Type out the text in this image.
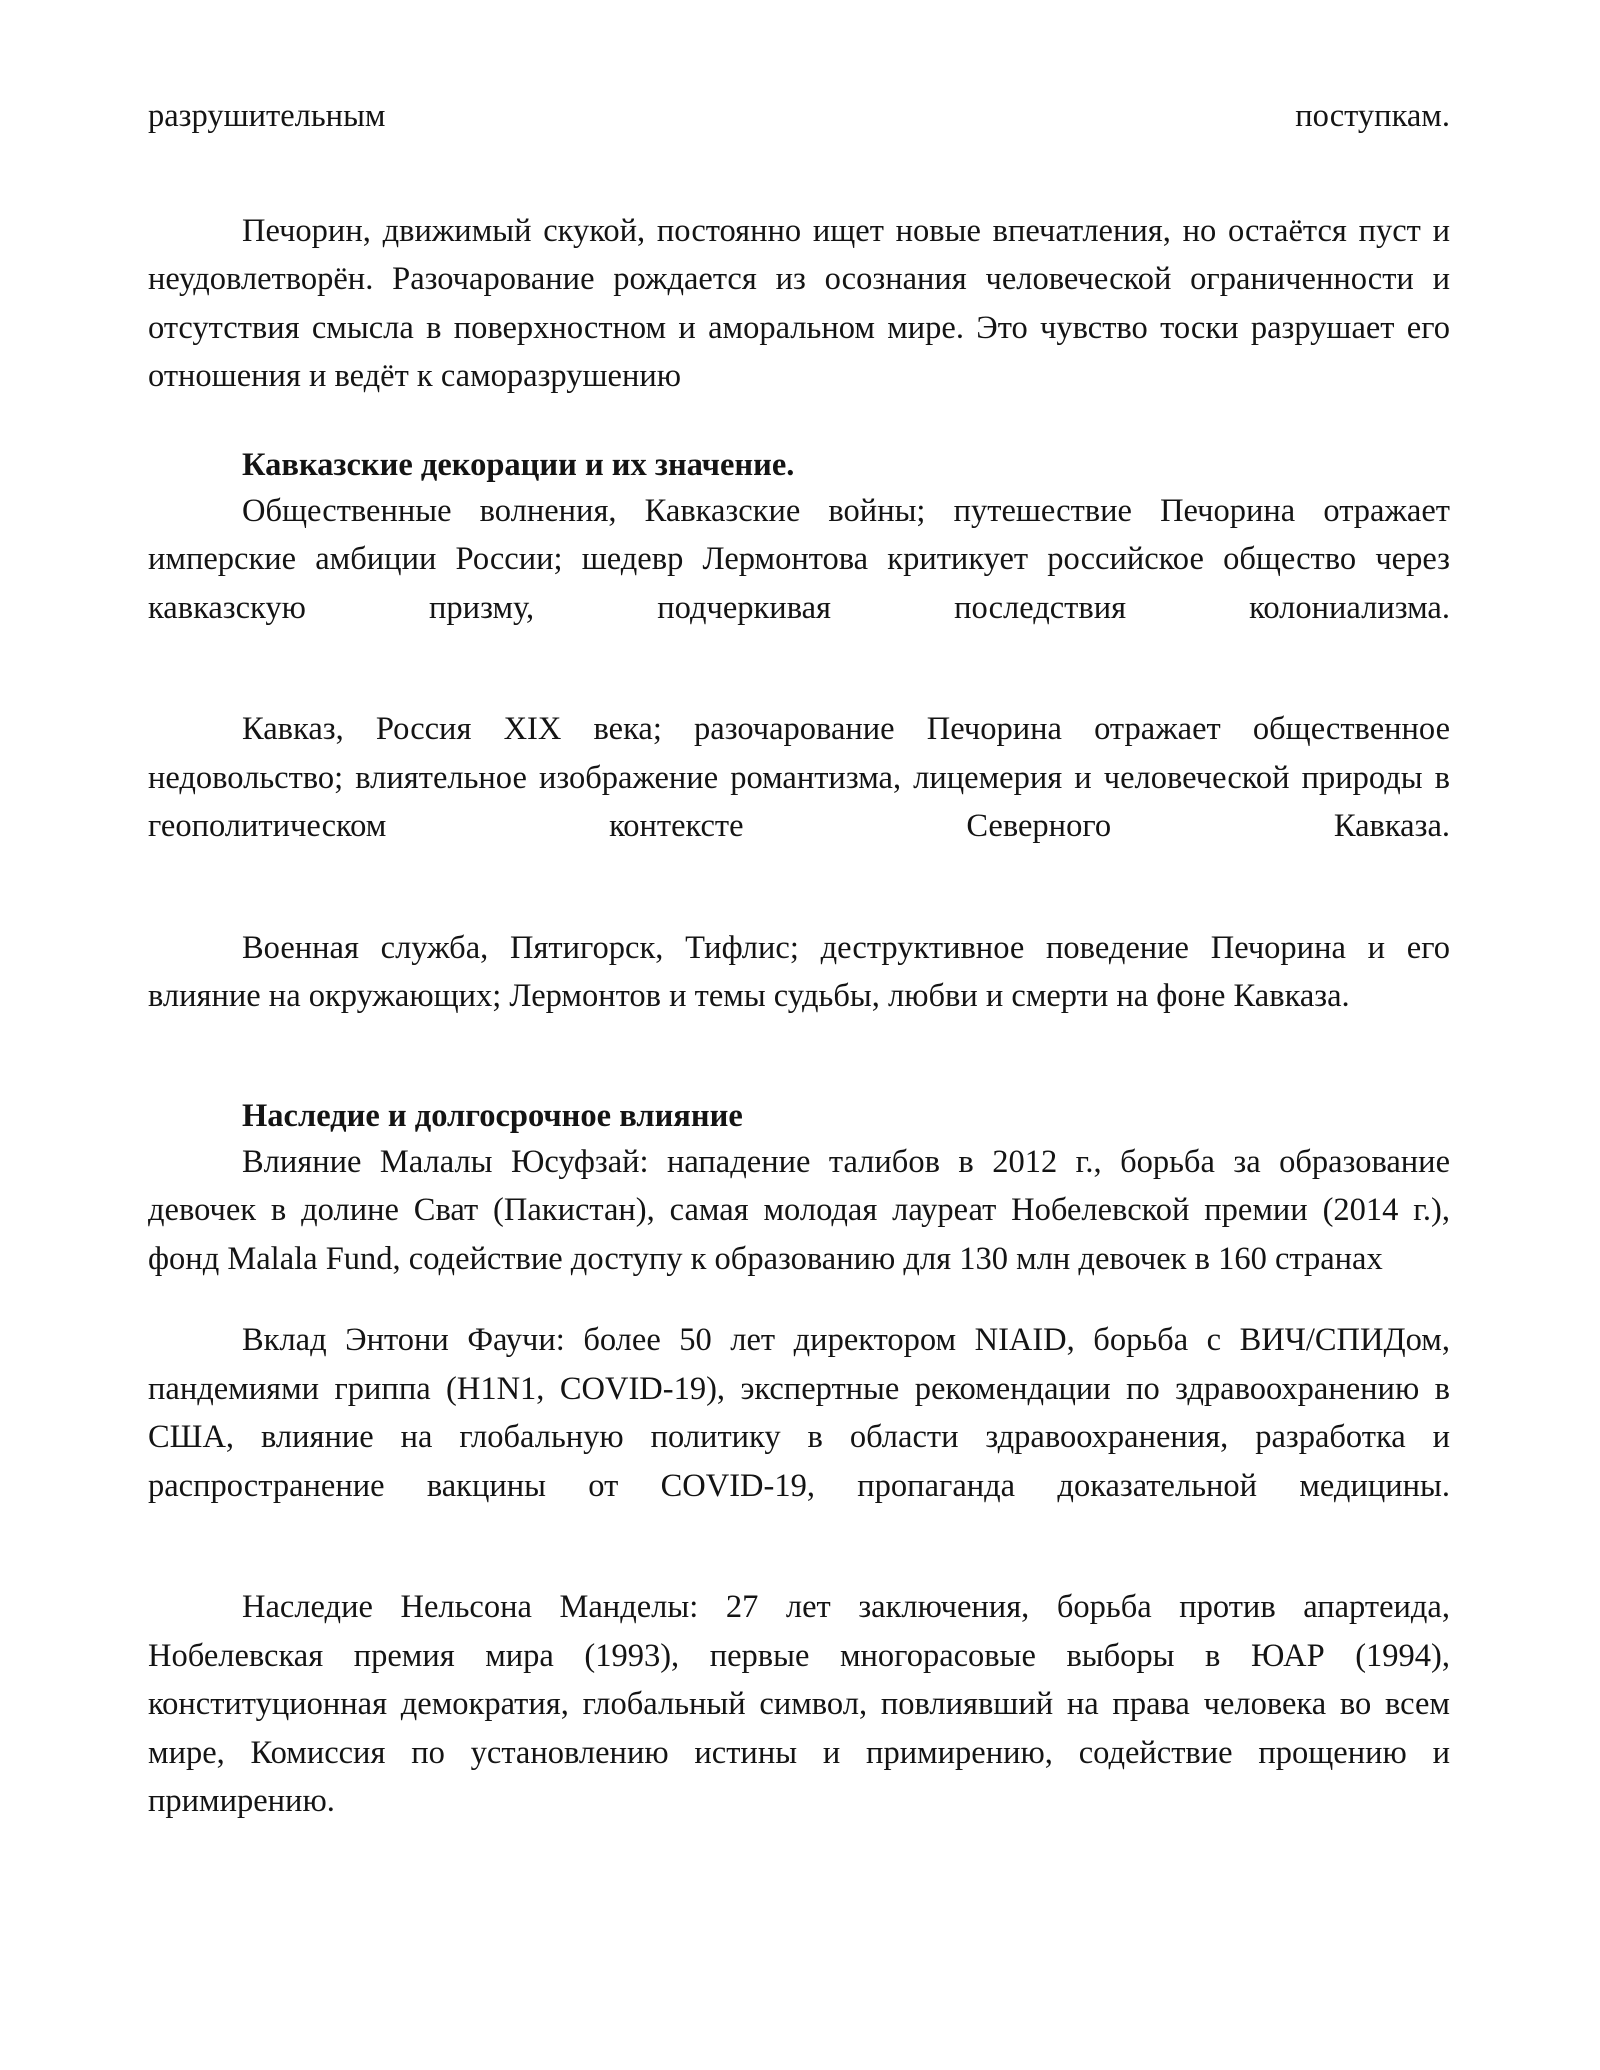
разрушительным поступкам.

Печорин, движимый скукой, постоянно ищет новые впечатления, но остаётся пуст и неудовлетворён. Разочарование рождается из осознания человеческой ограниченности и отсутствия смысла в поверхностном и аморальном мире. Это чувство тоски разрушает его отношения и ведёт к саморазрушению

Кавказские декорации и их значение.

Общественные волнения, Кавказские войны; путешествие Печорина отражает имперские амбиции России; шедевр Лермонтова критикует российское общество через кавказскую призму, подчеркивая последствия колониализма.

Кавказ, Россия XIX века; разочарование Печорина отражает общественное недовольство; влиятельное изображение романтизма, лицемерия и человеческой природы в геополитическом контексте Северного Кавказа.

Военная служба, Пятигорск, Тифлис; деструктивное поведение Печорина и его влияние на окружающих; Лермонтов и темы судьбы, любви и смерти на фоне Кавказа.

Наследие и долгосрочное влияние

Влияние Малалы Юсуфзай: нападение талибов в 2012 г., борьба за образование девочек в долине Сват (Пакистан), самая молодая лауреат Нобелевской премии (2014 г.), фонд Malala Fund, содействие доступу к образованию для 130 млн девочек в 160 странах

Вклад Энтони Фаучи: более 50 лет директором NIAID, борьба с ВИЧ/СПИДом, пандемиями гриппа (H1N1, COVID-19), экспертные рекомендации по здравоохранению в США, влияние на глобальную политику в области здравоохранения, разработка и распространение вакцины от COVID-19, пропаганда доказательной медицины.

Наследие Нельсона Манделы: 27 лет заключения, борьба против апартеида, Нобелевская премия мира (1993), первые многорасовые выборы в ЮАР (1994), конституционная демократия, глобальный символ, повлиявший на права человека во всем мире, Комиссия по установлению истины и примирению, содействие прощению и примирению.
